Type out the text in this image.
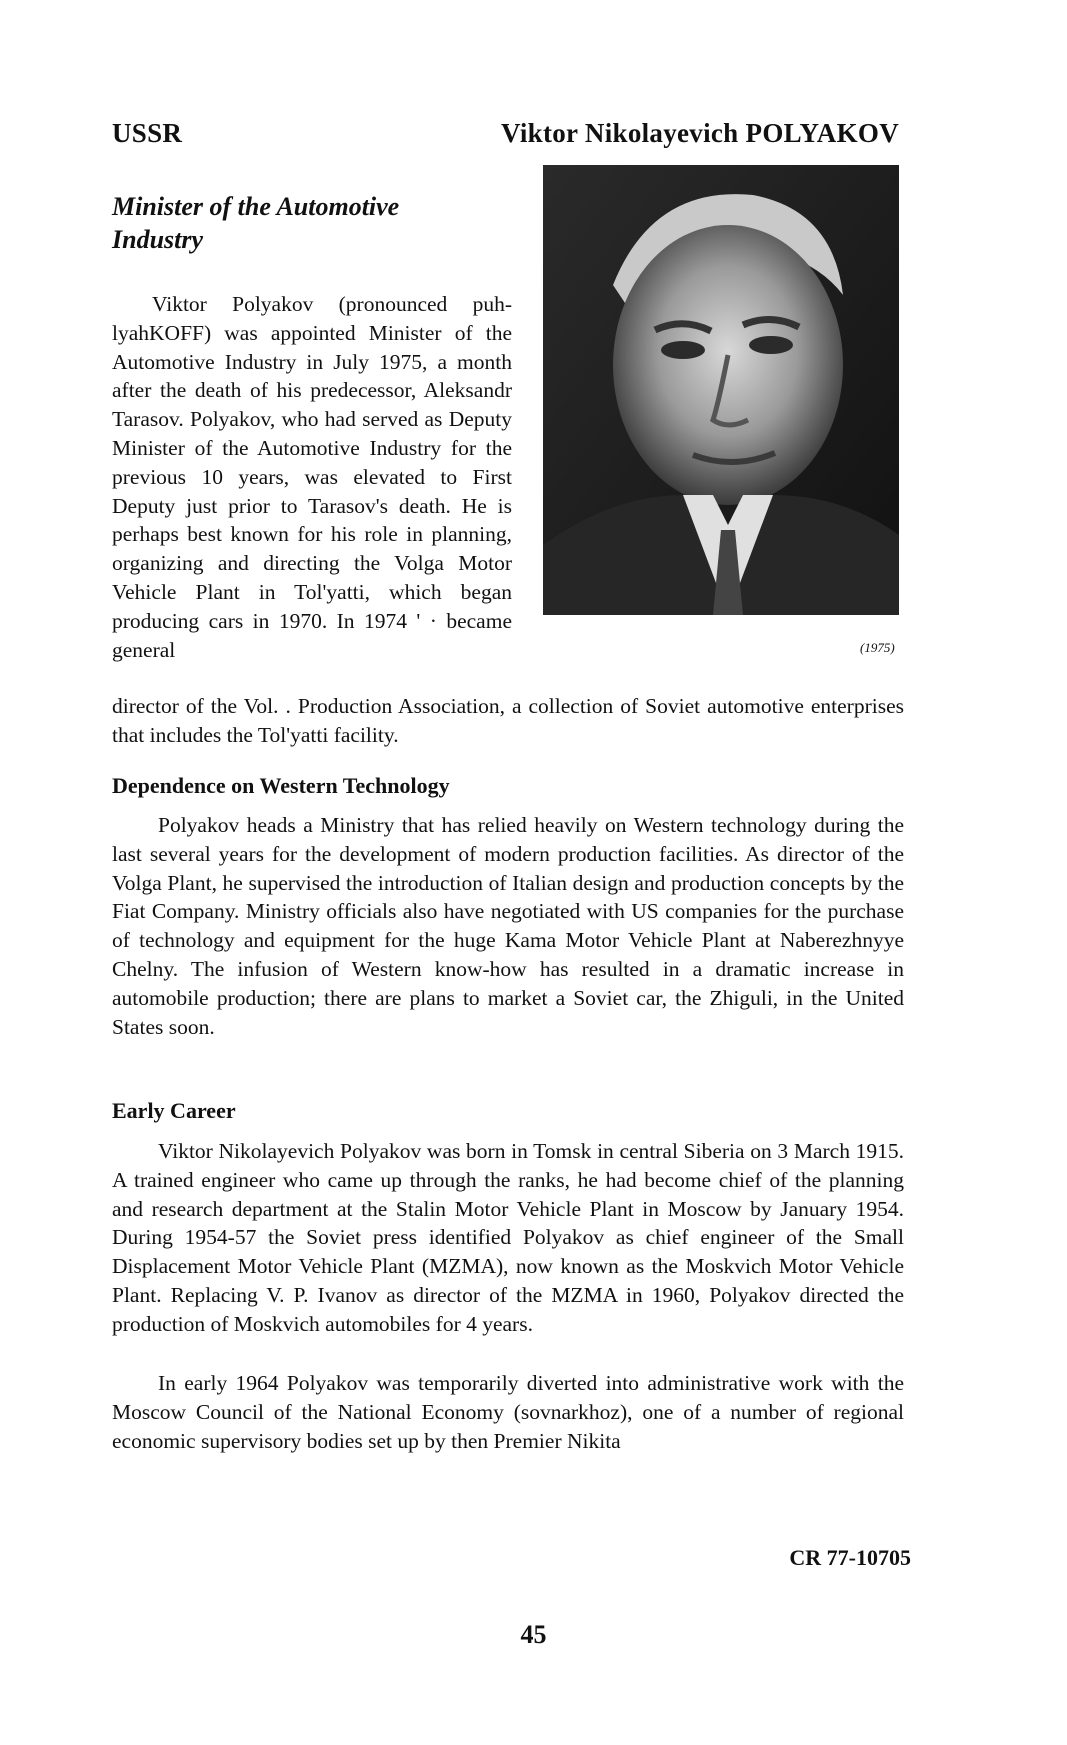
USSR	Viktor Nikolayevich POLYAKOV
Minister of the Automotive Industry
(1975)

Viktor Polyakov (pronounced puh-lyahKOFF) was appointed Minister of the Automotive Industry in July 1975, a month after the death of his predecessor, Aleksandr Tarasov. Polyakov, who had served as Deputy Minister of the Automotive Industry for the previous 10 years, was elevated to First Deputy just prior to Tarasov's death. He is perhaps best known for his role in planning, organizing and directing the Volga Motor Vehicle Plant in Tol'yatti, which began producing cars in 1970. In 1974 ' · became general

director of the Vol. . Production Association, a collection of Soviet automotive enterprises that includes the Tol'yatti facility.

Dependence on Western Technology

Polyakov heads a Ministry that has relied heavily on Western technology during the last several years for the development of modern production facilities. As director of the Volga Plant, he supervised the introduction of Italian design and production concepts by the Fiat Company. Ministry officials also have negotiated with US companies for the purchase of technology and equipment for the huge Kama Motor Vehicle Plant at Naberezhnyye Chelny. The infusion of Western know-how has resulted in a dramatic increase in automobile production; there are plans to market a Soviet car, the Zhiguli, in the United States soon.

Early Career

Viktor Nikolayevich Polyakov was born in Tomsk in central Siberia on 3 March 1915. A trained engineer who came up through the ranks, he had become chief of the planning and research department at the Stalin Motor Vehicle Plant in Moscow by January 1954. During 1954-57 the Soviet press identified Polyakov as chief engineer of the Small Displacement Motor Vehicle Plant (MZMA), now known as the Moskvich Motor Vehicle Plant. Replacing V. P. Ivanov as director of the MZMA in 1960, Polyakov directed the production of Moskvich automobiles for 4 years.

In early 1964 Polyakov was temporarily diverted into administrative work with the Moscow Council of the National Economy (sovnarkhoz), one of a number of regional economic supervisory bodies set up by then Premier Nikita

CR 77-10705
45
